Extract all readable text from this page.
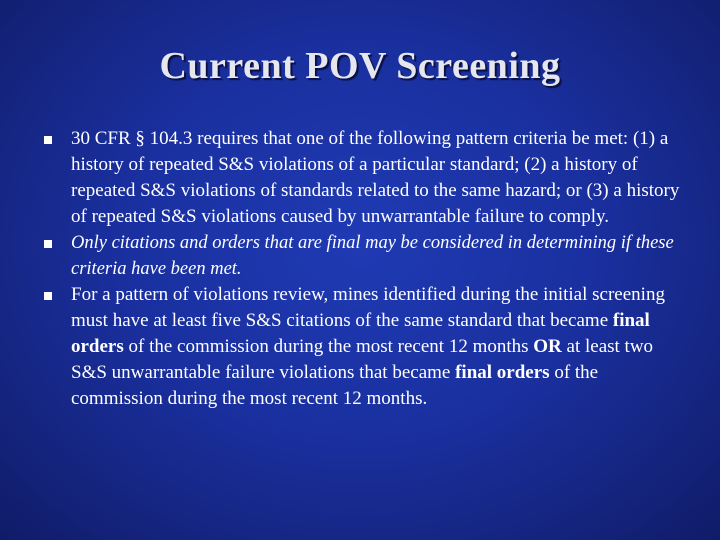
Current POV Screening
30 CFR § 104.3 requires that one of the following pattern criteria be met: (1) a history of repeated S&S violations of a particular standard; (2) a history of repeated S&S violations of standards related to the same hazard; or (3) a history of repeated S&S violations caused by unwarrantable failure to comply.
Only citations and orders that are final may be considered in determining if these criteria have been met.
For a pattern of violations review, mines identified during the initial screening must have at least five S&S citations of the same standard that became final orders of the commission during the most recent 12 months OR at least two S&S unwarrantable failure violations that became final orders of the commission during the most recent 12 months.
